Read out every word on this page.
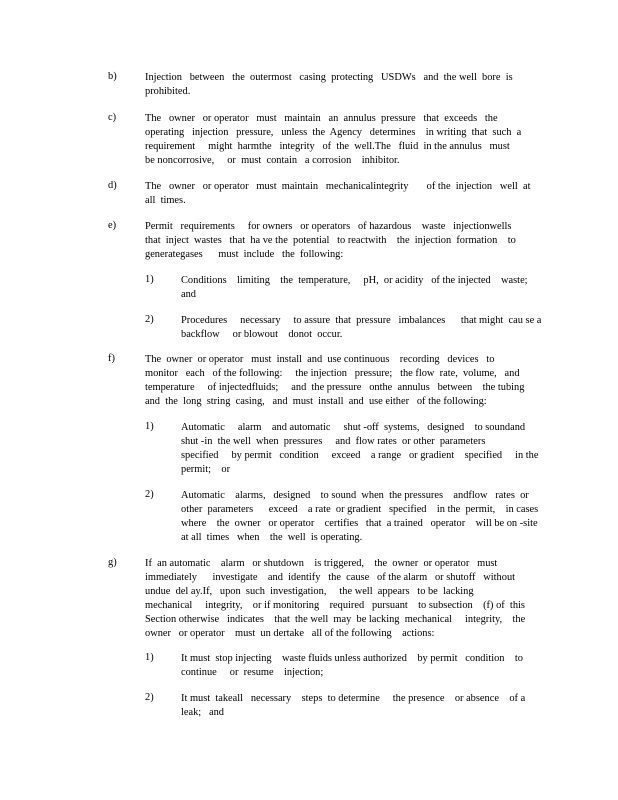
b)	Injection   between   the  outermost   casing  protecting   USDWs   and  the well  bore  is
prohibited.
c)	The   owner   or operator   must   maintain   an  annulus  pressure   that  exceeds   the
operating   injection   pressure,   unless  the  Agency   determines    in writing  that  such  a
requirement     might  harmthe   integrity   of  the  well.The   fluid  in the annulus   must
be noncorrosive,     or  must  contain   a corrosion    inhibitor.
d)	The   owner   or operator   must  maintain   mechanicalintegrity       of the  injection   well  at
all  times.
e)	Permit   requirements     for owners   or operators   of hazardous    waste   injectionwells
that  inject  wastes   that  ha ve the  potential   to reactwith    the  injection  formation    to
generategases      must  include   the  following:
1)	Conditions    limiting    the  temperature,     pH,  or acidity   of the injected    waste;
and
2)	Procedures     necessary     to assure  that  pressure   imbalances      that might  cau se a
backflow     or blowout    donot  occur.
f)	The  owner  or operator   must  install  and  use continuous    recording   devices   to
monitor   each   of the following:     the injection   pressure;   the flow  rate,  volume,   and
temperature     of injectedfluids;     and  the pressure   onthe  annulus   between    the tubing
and  the  long  string  casing,   and  must  install  and  use either   of the following:
1)	Automatic     alarm    and automatic     shut -off  systems,   designed    to soundand
shut -in  the well  when  pressures     and  flow rates  or other  parameters
specified     by permit   condition     exceed    a range   or gradient    specified     in the
permit;    or
2)	Automatic    alarms,   designed    to sound  when  the pressures    andflow   rates  or
other  parameters      exceed    a rate  or gradient   specified    in the  permit,    in cases
where    the  owner   or operator    certifies   that  a trained   operator    will be on -site
at all  times   when    the  well  is operating.
g)	If  an automatic    alarm   or shutdown    is triggered,    the  owner  or operator   must
immediately      investigate    and  identify   the  cause   of the alarm   or shutoff   without
undue  del ay.If,   upon  such  investigation,     the well  appears   to be  lacking
mechanical     integrity,    or if monitoring    required   pursuant    to subsection    (f) of  this
Section otherwise   indicates    that  the well  may  be lacking  mechanical     integrity,    the
owner   or operator    must  un dertake   all of the following    actions:
1)	It must  stop injecting    waste fluids unless authorized    by permit   condition    to
continue     or  resume    injection;
2)	It must  takeall   necessary    steps  to determine     the presence    or absence    of a
leak;   and
